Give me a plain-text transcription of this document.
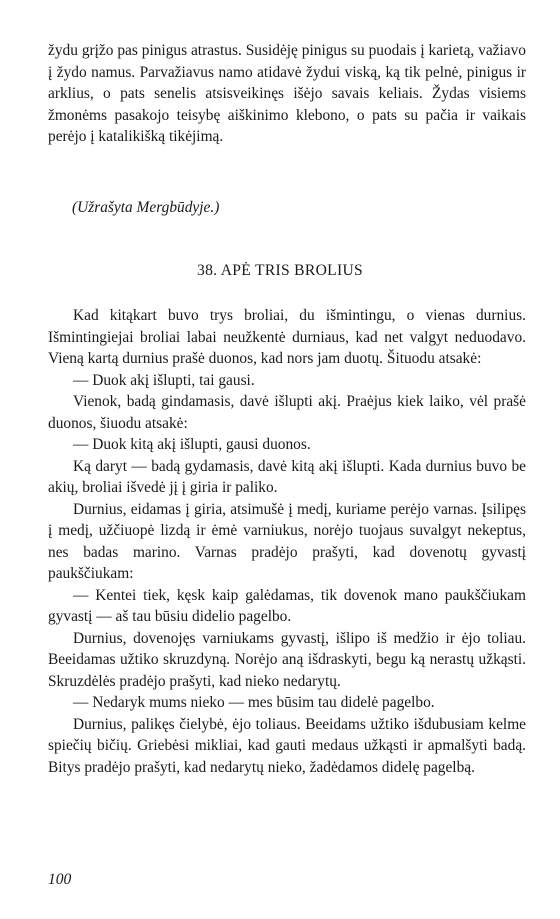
žydu grįžo pas pinigus atrastus. Susidėję pinigus su puodais į karietą, važiavo į žydo namus. Parvažiavus namo atidavė žydui viską, ką tik pelnė, pinigus ir arklius, o pats senelis atsisveikinęs išėjo savais keliais. Žydas visiems žmonėms pasakojo teisybę aiškinimo klebono, o pats su pačia ir vaikais perėjo į katalikišką tikėjimą.

(Užrašyta Mergbūdyje.)
38. APĖ TRIS BROLIUS

Kad kitąkart buvo trys broliai, du išmintingu, o vienas durnius. Išmintingiejai broliai labai neužkentė durniaus, kad net valgyt neduodavo. Vieną kartą durnius prašė duonos, kad nors jam duotų. Šituodu atsakė:

— Duok akį išlupti, tai gausi.

Vienok, badą gindamasis, davė išlupti akį. Praėjus kiek laiko, vėl prašė duonos, šiuodu atsakė:

— Duok kitą akį išlupti, gausi duonos.

Ką daryt — badą gydamasis, davė kitą akį išlupti. Kada durnius buvo be akių, broliai išvedė jį į giria ir paliko.

Durnius, eidamas į giria, atsimušė į medį, kuriame perėjo varnas. Įsilipęs į medį, užčiuopė lizdą ir ėmė varniukus, norėjo tuojaus suvalgyt nekeptus, nes badas marino. Varnas pradėjo prašyti, kad dovenotų gyvastį paukščiukam:

— Kentei tiek, kęsk kaip galėdamas, tik dovenok mano paukščiukam gyvastį — aš tau būsiu didelio pagelbo.

Durnius, dovenojęs varniukams gyvastį, išlipo iš medžio ir ėjo toliau. Beeidamas užtiko skruzdyną. Norėjo aną išdraskyti, begu ką nerastų užkąsti. Skruzdėlės pradėjo prašyti, kad nieko nedarytų.

— Nedaryk mums nieko — mes būsim tau didelė pagelbo.

Durnius, palikęs čielybė, ėjo toliaus. Beeidams užtiko išdubusiam kelme spiečių bičių. Griebėsi mikliai, kad gauti medaus užkąsti ir apmalšyti badą. Bitys pradėjo prašyti, kad nedarytų nieko, žadėdamos didelę pagelbą.

100
